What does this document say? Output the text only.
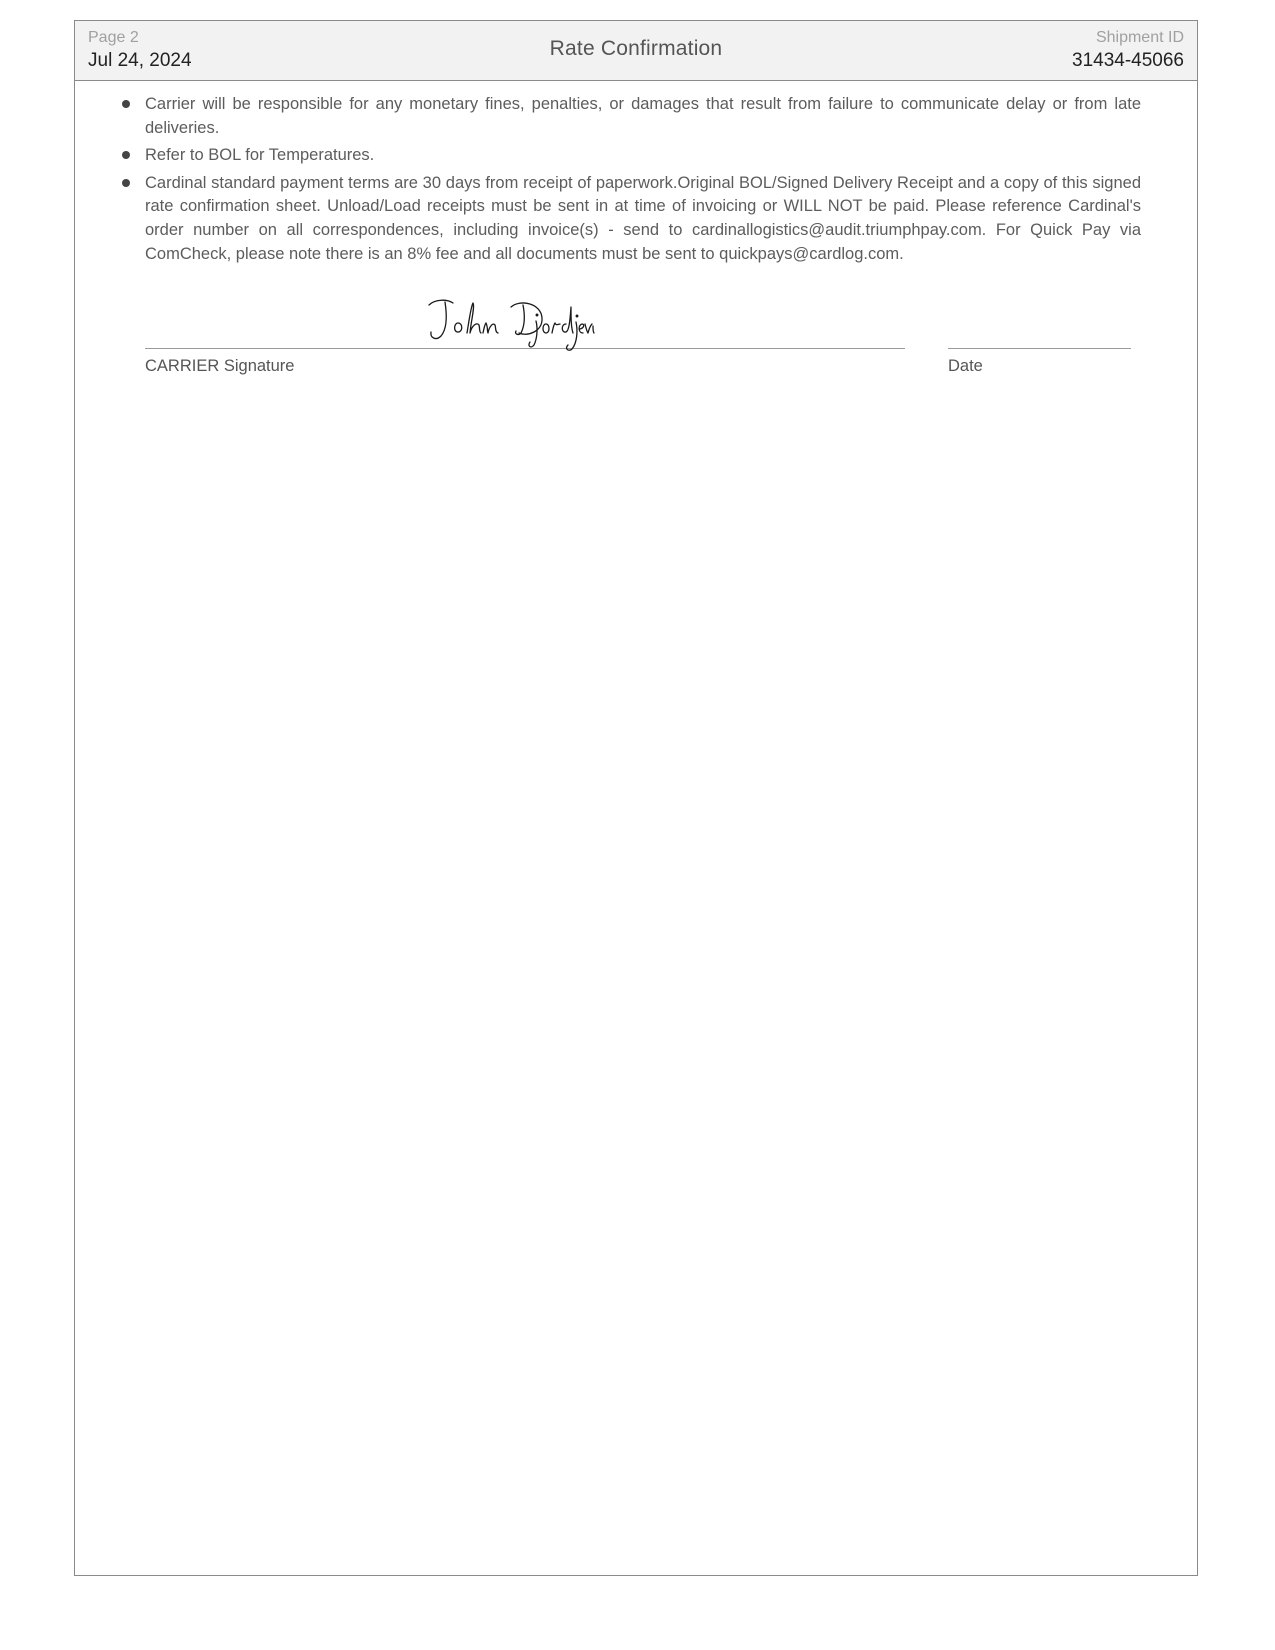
Page 2
Jul 24, 2024
Rate Confirmation	Shipment ID
31434-45066
Carrier will be responsible for any monetary fines, penalties, or damages that result from failure to communicate delay or from late deliveries.
Refer to BOL for Temperatures.
Cardinal standard payment terms are 30 days from receipt of paperwork.Original BOL/Signed Delivery Receipt and a copy of this signed rate confirmation sheet. Unload/Load receipts must be sent in at time of invoicing or WILL NOT be paid. Please reference Cardinal's order number on all correspondences, including invoice(s) - send to cardinallogistics@audit.triumphpay.com. For Quick Pay via ComCheck, please note there is an 8% fee and all documents must be sent to quickpays@cardlog.com.
CARRIER Signature	Date
